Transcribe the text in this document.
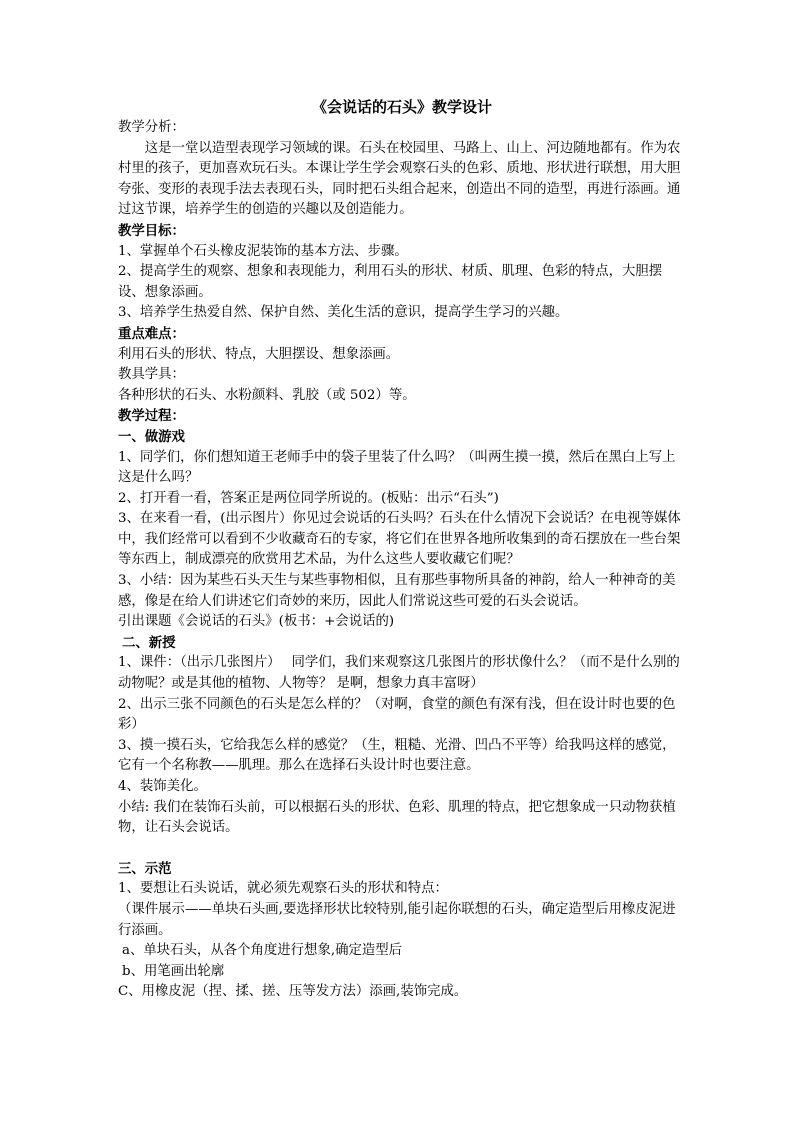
《会说话的石头》教学设计

教学分析：

这是一堂以造型表现学习领域的课。石头在校园里、马路上、山上、河边随地都有。作为农村里的孩子，更加喜欢玩石头。本课让学生学会观察石头的色彩、质地、形状进行联想，用大胆夸张、变形的表现手法去表现石头，同时把石头组合起来，创造出不同的造型，再进行添画。通过这节课，培养学生的创造的兴趣以及创造能力。

教学目标：

1、掌握单个石头橡皮泥装饰的基本方法、步骤。

2、提高学生的观察、想象和表现能力，利用石头的形状、材质、肌理、色彩的特点，大胆摆设、想象添画。

3、培养学生热爱自然、保护自然、美化生活的意识，提高学生学习的兴趣。

重点难点：

利用石头的形状、特点，大胆摆设、想象添画。

教具学具：

各种形状的石头、水粉颜料、乳胶（或 502）等。

教学过程：

一、做游戏

1、同学们，你们想知道王老师手中的袋子里装了什么吗？（叫两生摸一摸，然后在黑白上写上这是什么吗？

2、打开看一看，答案正是两位同学所说的。(板贴：出示“石头”)

3、在来看一看，(出示图片）你见过会说话的石头吗？石头在什么情况下会说话？在电视等媒体中，我们经常可以看到不少收藏奇石的专家，将它们在世界各地所收集到的奇石摆放在一些台架等东西上，制成漂亮的欣赏用艺术品，为什么这些人要收藏它们呢？

3、小结：因为某些石头天生与某些事物相似，且有那些事物所具备的神韵，给人一种神奇的美感，像是在给人们讲述它们奇妙的来历，因此人们常说这些可爱的石头会说话。

引出课题《会说话的石头》(板书：+会说话的)

二、新授

1、课件：（出示几张图片）　 同学们，我们来观察这几张图片的形状像什么？（而不是什么别的动物呢？或是其他的植物、人物等？ 是啊，想象力真丰富呀）

2、出示三张不同颜色的石头是怎么样的？（对啊，食堂的颜色有深有浅，但在设计时也要的色彩）

3、摸一摸石头，它给我怎么样的感觉？（生，粗糙、光滑、凹凸不平等）给我吗这样的感觉，它有一个名称教——肌理。那么在选择石头设计时也要注意。

4、装饰美化。

小结: 我们在装饰石头前，可以根据石头的形状、色彩、肌理的特点，把它想象成一只动物获植物，让石头会说话。

三、示范

1、要想让石头说话，就必须先观察石头的形状和特点：

（课件展示——单块石头画,要选择形状比较特别,能引起你联想的石头，确定造型后用橡皮泥进行添画。

a、单块石头，从各个角度进行想象,确定造型后

b、用笔画出轮廓

C、用橡皮泥（捏、揉、搓、压等发方法）添画,装饰完成。
